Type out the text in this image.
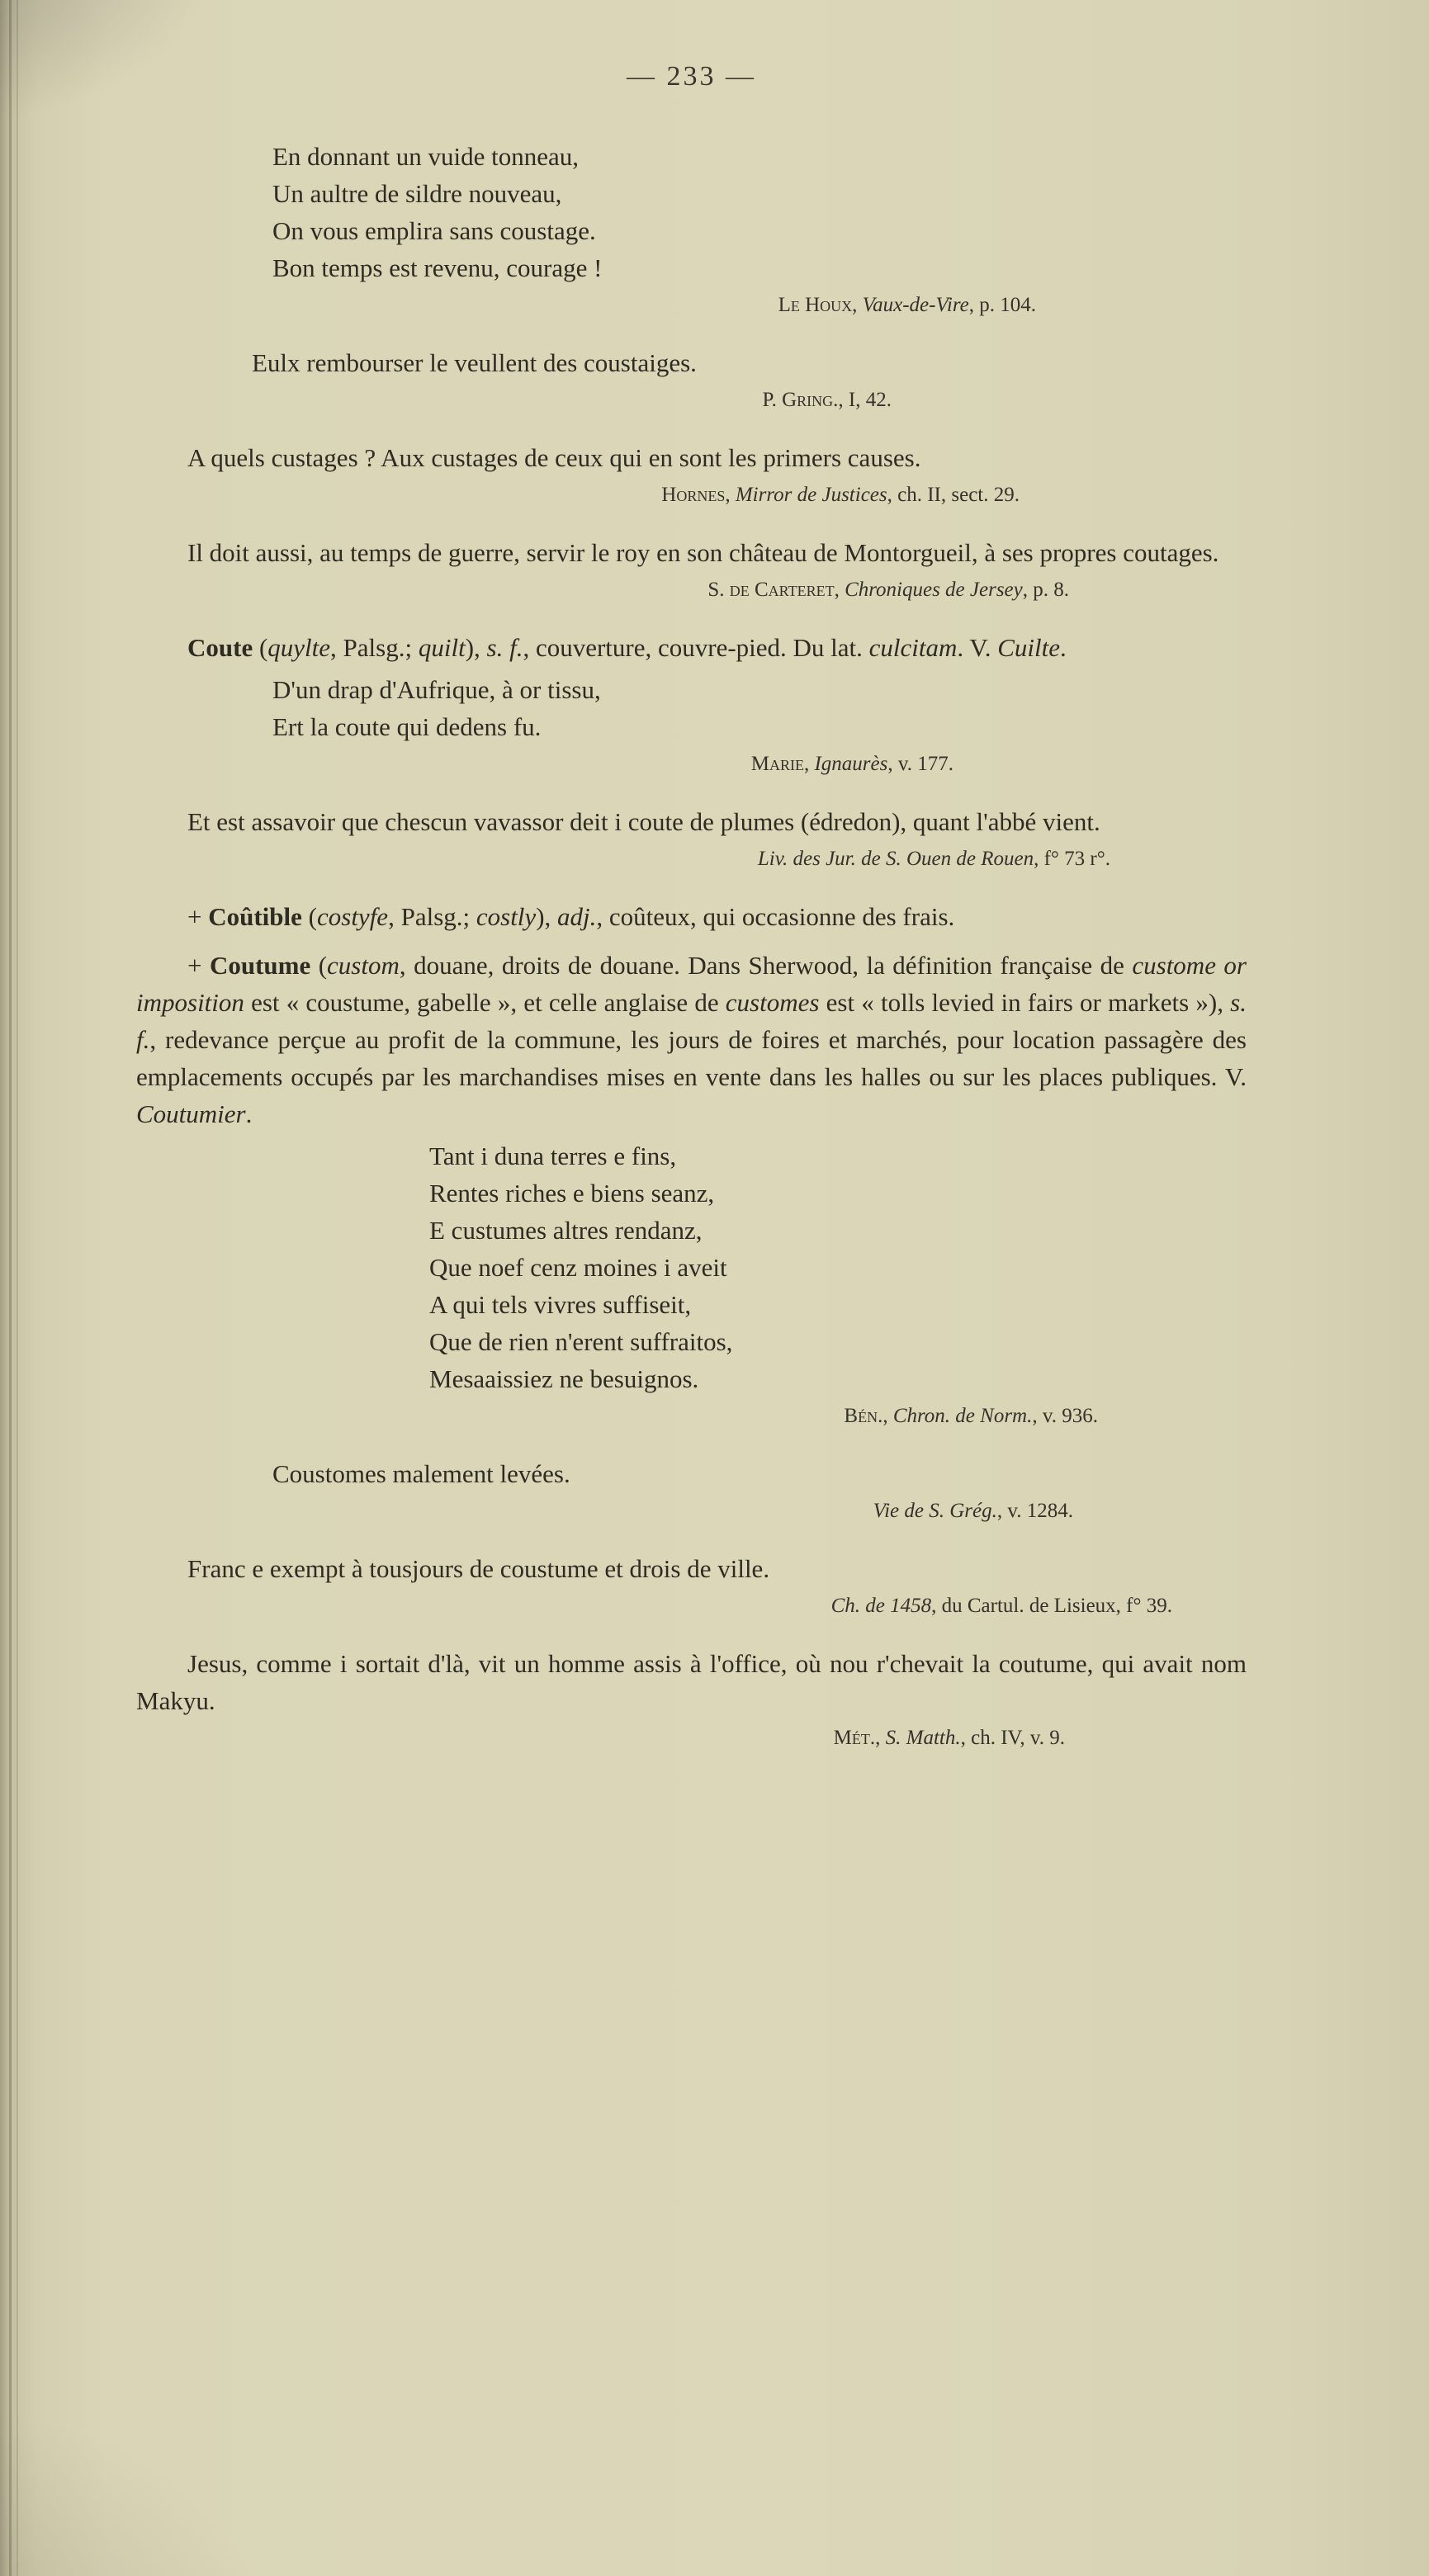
— 233 —
En donnant un vuide tonneau,
Un aultre de sildre nouveau,
On vous emplira sans coustage.
Bon temps est revenu, courage !
Le Houx, Vaux-de-Vire, p. 104.
Eulx rembourser le veullent des coustaiges.
P. Gring., I, 42.
A quels custages ? Aux custages de ceux qui en sont les primers causes.
Hornes, Mirror de Justices, ch. II, sect. 29.
Il doit aussi, au temps de guerre, servir le roy en son château de Montorgueil, à ses propres coutages.
S. de Carteret, Chroniques de Jersey, p. 8.
Coute (quylte, Palsg.; quilt), s. f., couverture, couvre-pied. Du lat. culcitam. V. Cuilte.
D'un drap d'Aufrique, à or tissu,
Ert la coute qui dedens fu.
Marie, Ignaurès, v. 177.
Et est assavoir que chescun vavassor deit i coute de plumes (édredon), quant l'abbé vient.
Liv. des Jur. de S. Ouen de Rouen, f° 73 r°.
+ Coûtible (costyfe, Palsg.; costly), adj., coûteux, qui occasionne des frais.
+ Coutume (custom, douane, droits de douane. Dans Sherwood, la définition française de custome or imposition est « coustume, gabelle », et celle anglaise de customes est « tolls levied in fairs or markets »), s. f., redevance perçue au profit de la commune, les jours de foires et marchés, pour location passagère des emplacements occupés par les marchandises mises en vente dans les halles ou sur les places publiques. V. Coutumier.
Tant i duna terres e fins,
Rentes riches e biens seanz,
E custumes altres rendanz,
Que noef cenz moines i aveit
A qui tels vivres suffiseit,
Que de rien n'erent suffraitos,
Mesaaissiez ne besuignos.
Bén., Chron. de Norm., v. 936.
Coustomes malement levées.
Vie de S. Grég., v. 1284.
Franc e exempt à tousjours de coustume et drois de ville.
Ch. de 1458, du Cartul. de Lisieux, f° 39.
Jesus, comme i sortait d'là, vit un homme assis à l'office, où nou r'chevait la coutume, qui avait nom Makyu.
Mét., S. Matth., ch. IV, v. 9.
